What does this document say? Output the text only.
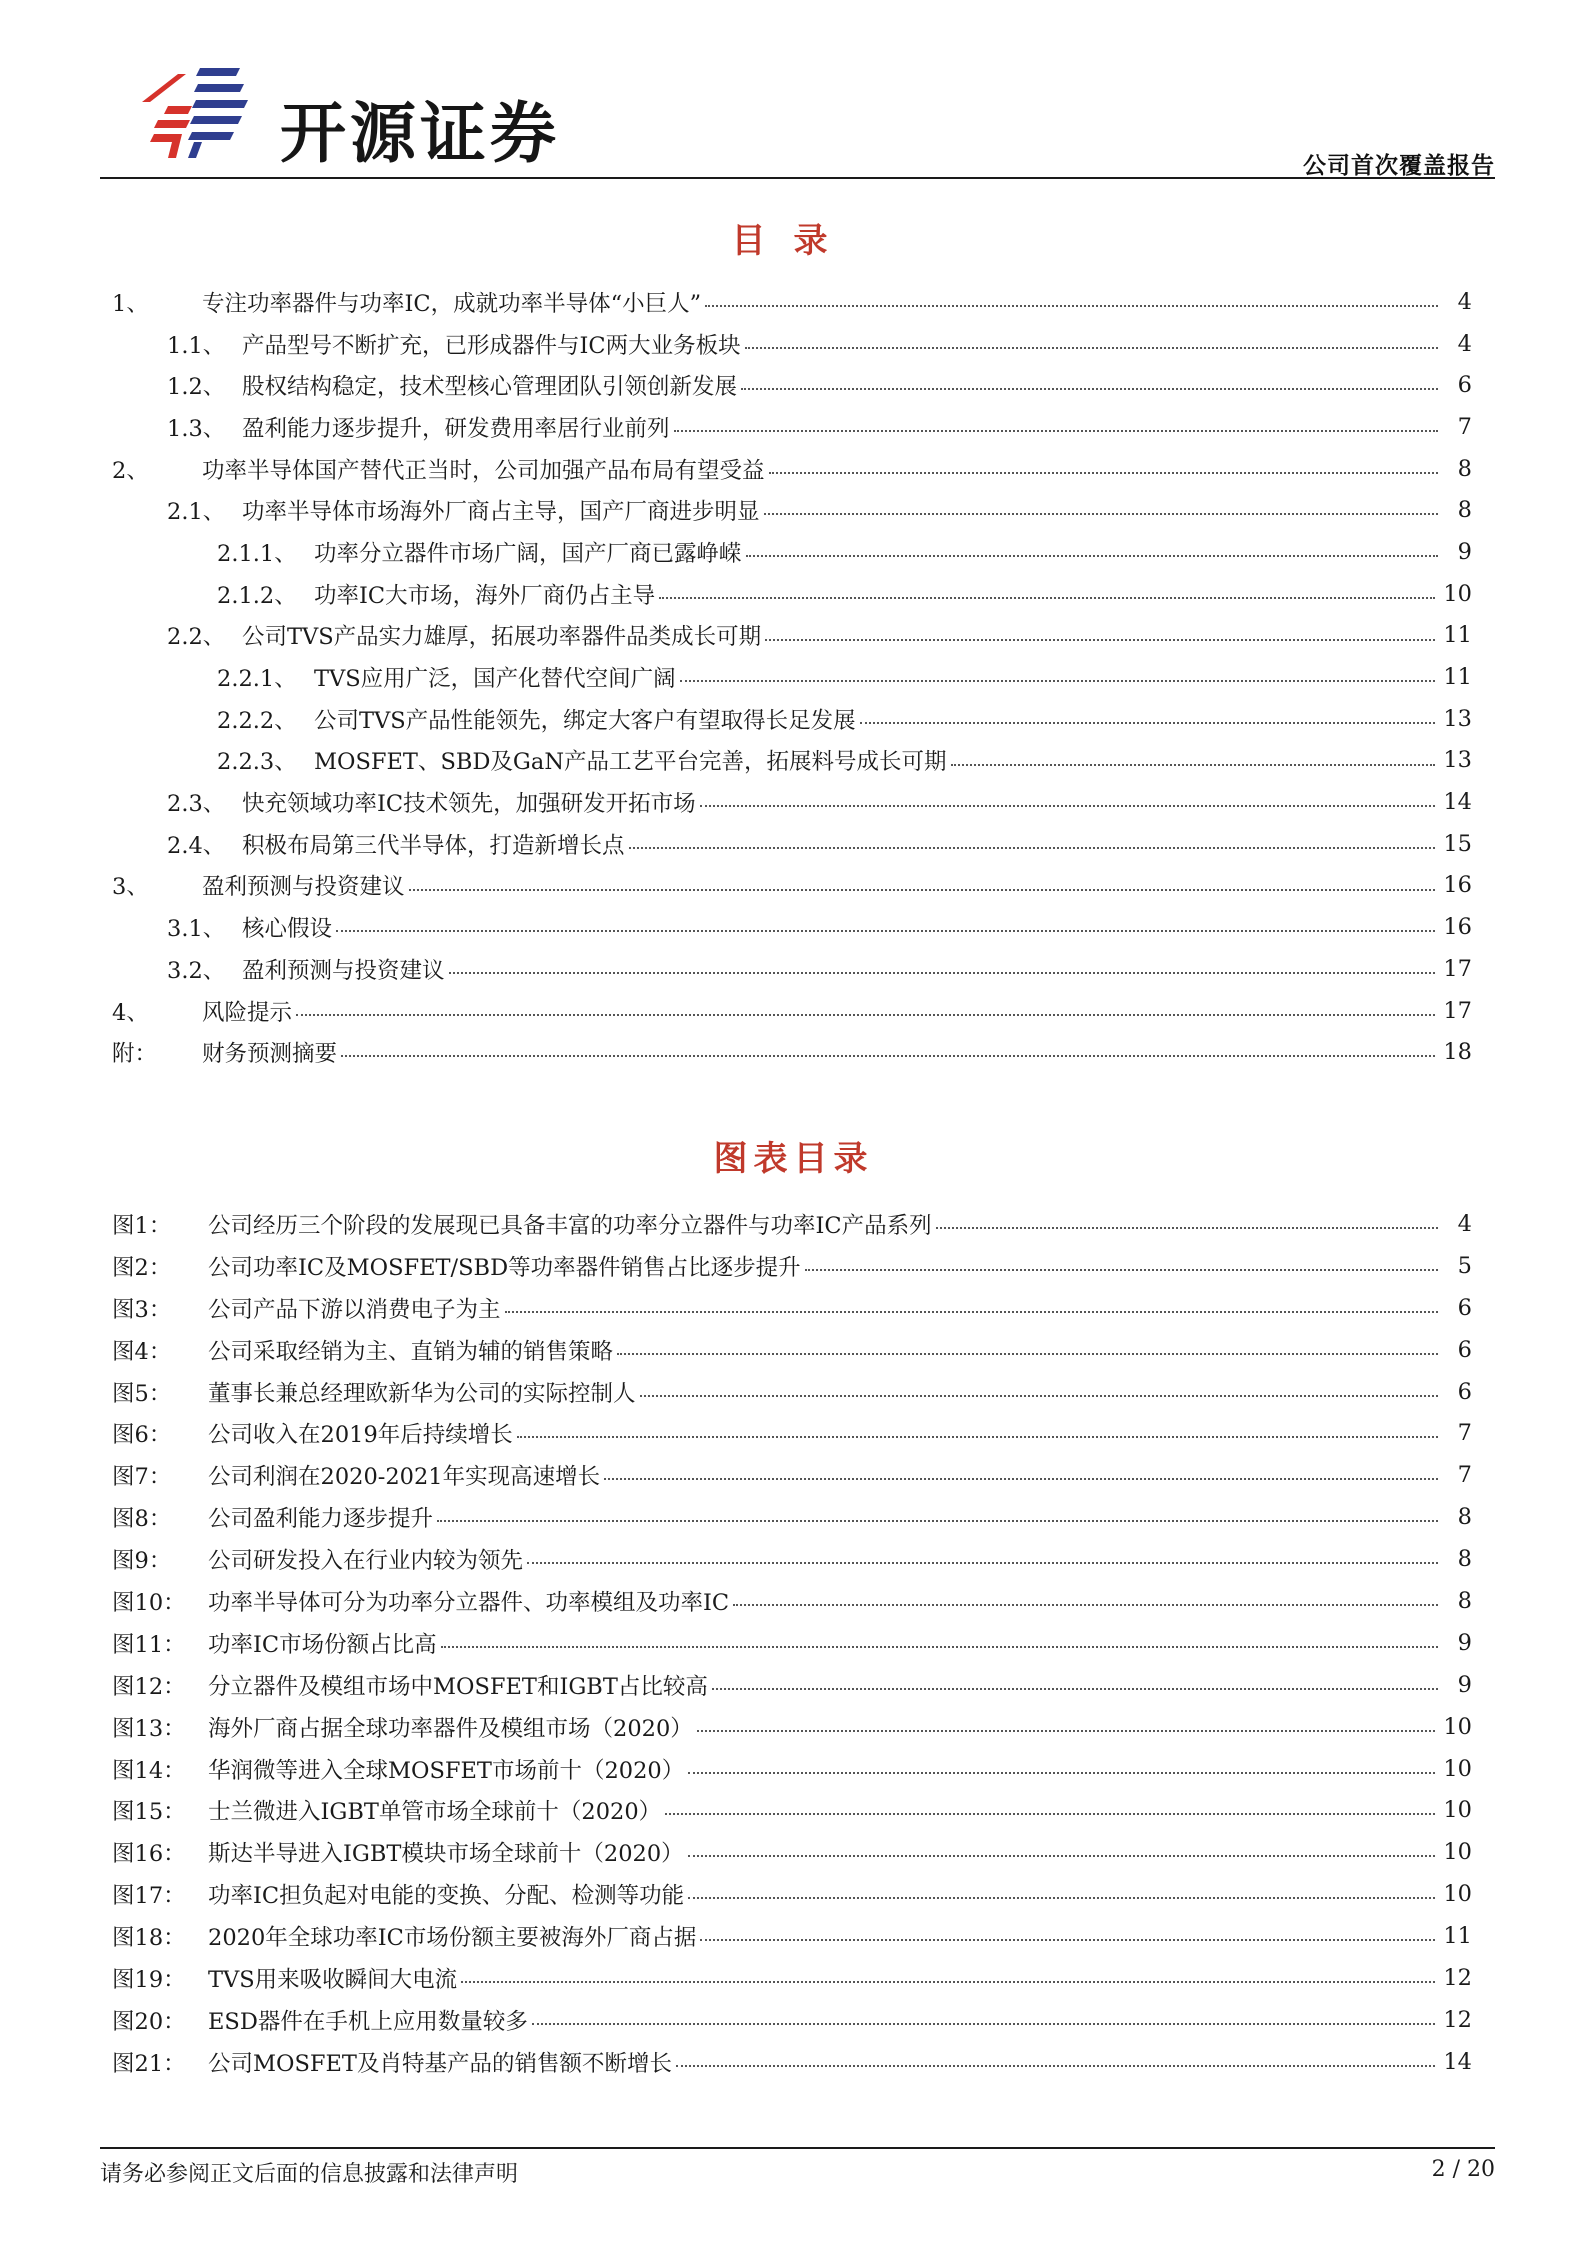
开源证券	公司首次覆盖报告
目录
1、	专注功率器件与功率IC，成就功率半导体“小巨人”	4
1.1、 产品型号不断扩充，已形成器件与IC两大业务板块	4
1.2、 股权结构稳定，技术型核心管理团队引领创新发展	6
1.3、 盈利能力逐步提升，研发费用率居行业前列	7
2、	功率半导体国产替代正当时，公司加强产品布局有望受益	8
2.1、 功率半导体市场海外厂商占主导，国产厂商进步明显	8
2.1.1、 功率分立器件市场广阔，国产厂商已露峥嵘	9
2.1.2、 功率IC大市场，海外厂商仍占主导	10
2.2、 公司TVS产品实力雄厚，拓展功率器件品类成长可期	11
2.2.1、 TVS应用广泛，国产化替代空间广阔	11
2.2.2、 公司TVS产品性能领先，绑定大客户有望取得长足发展	13
2.2.3、 MOSFET、SBD及GaN产品工艺平台完善，拓展料号成长可期	13
2.3、 快充领域功率IC技术领先，加强研发开拓市场	14
2.4、 积极布局第三代半导体，打造新增长点	15
3、	盈利预测与投资建议	16
3.1、 核心假设	16
3.2、 盈利预测与投资建议	17
4、	风险提示	17
附：	财务预测摘要	18
图表目录
图1：	公司经历三个阶段的发展现已具备丰富的功率分立器件与功率IC产品系列	4
图2：	公司功率IC及MOSFET/SBD等功率器件销售占比逐步提升	5
图3：	公司产品下游以消费电子为主	6
图4：	公司采取经销为主、直销为辅的销售策略	6
图5：	董事长兼总经理欧新华为公司的实际控制人	6
图6：	公司收入在2019年后持续增长	7
图7：	公司利润在2020-2021年实现高速增长	7
图8：	公司盈利能力逐步提升	8
图9：	公司研发投入在行业内较为领先	8
图10： 功率半导体可分为功率分立器件、功率模组及功率IC	8
图11： 功率IC市场份额占比高	9
图12： 分立器件及模组市场中MOSFET和IGBT占比较高	9
图13： 海外厂商占据全球功率器件及模组市场（2020）	10
图14： 华润微等进入全球MOSFET市场前十（2020）	10
图15： 士兰微进入IGBT单管市场全球前十（2020）	10
图16： 斯达半导进入IGBT模块市场全球前十（2020）	10
图17： 功率IC担负起对电能的变换、分配、检测等功能	10
图18： 2020年全球功率IC市场份额主要被海外厂商占据	11
图19： TVS用来吸收瞬间大电流	12
图20： ESD器件在手机上应用数量较多	12
图21： 公司MOSFET及肖特基产品的销售额不断增长	14
请务必参阅正文后面的信息披露和法律声明	2 / 20
